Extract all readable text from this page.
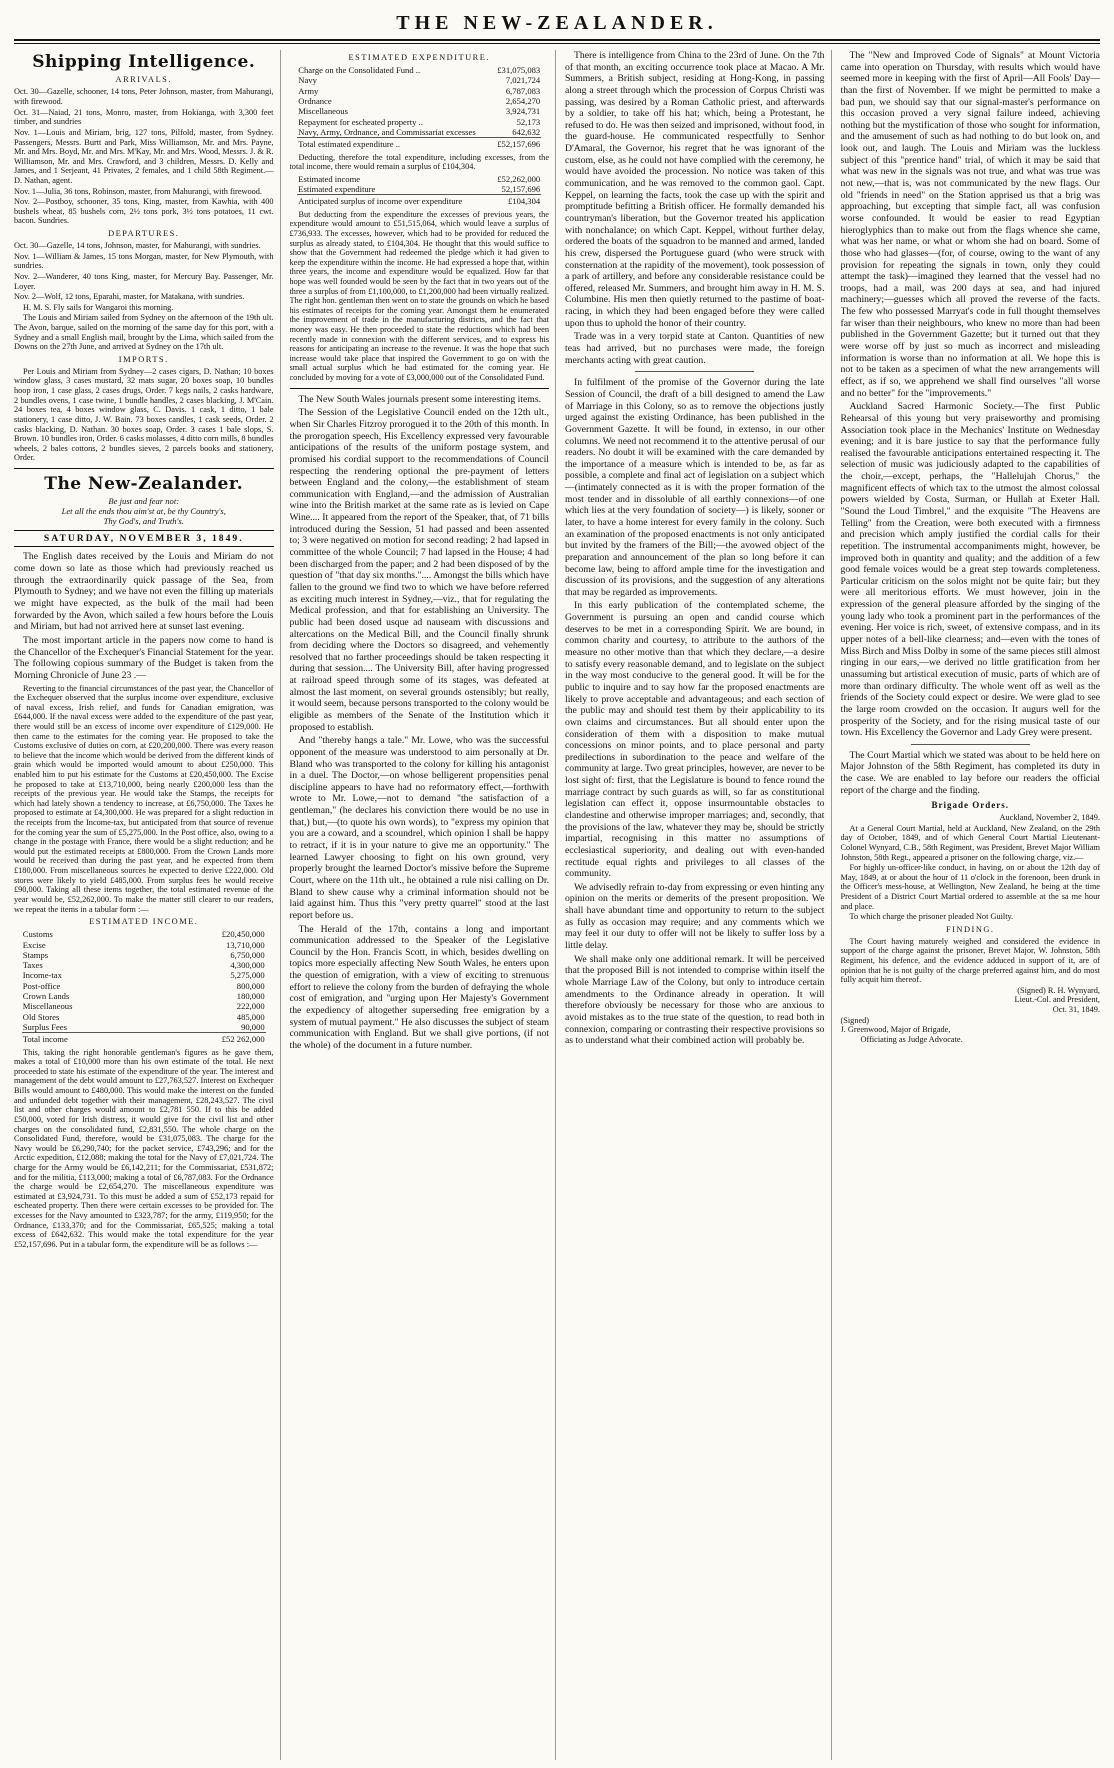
THE NEW-ZEALANDER.
Shipping Intelligence.
ARRIVALS.

Oct. 30—Gazelle, schooner, 14 tons, Peter Johnson, master, from Mahurangi, with firewood.

Oct. 31—Naiad, 21 tons, Monro, master, from Hokianga, with 3,300 feet timber, and sundries

Nov. 1—Louis and Miriam, brig, 127 tons, Pilfold, master, from Sydney. Passengers, Messrs. Burtt and Park, Miss Williamson, Mr. and Mrs. Payne, Mr. and Mrs. Boyd, Mr. and Mrs. M'Kay, Mr. and Mrs. Wood, Messrs. J. & R. Williamson, Mr. and Mrs. Crawford, and 3 children, Messrs. D. Kelly and James, and 1 Serjeant, 41 Privates, 2 females, and 1 child 58th Regiment.—D. Nathan, agent.

Nov. 1—Julia, 36 tons, Robinson, master, from Mahurangi, with firewood.

Nov. 2—Postboy, schooner, 35 tons, King, master, from Kawhia, with 400 bushels wheat, 85 bushels corn, 2½ tons pork, 3½ tons potatoes, 11 cwt. bacon. Sundries.

DEPARTURES.

Oct. 30—Gazelle, 14 tons, Johnson, master, for Mahurangi, with sundries.

Nov. 1—William & James, 15 tons Morgan, master, for New Plymouth, with sundries.

Nov. 2—Wanderer, 40 tons King, master, for Mercury Bay. Passenger, Mr. Loyer.

Nov. 2—Wolf, 12 tons, Eparahi, master, for Matakana, with sundries.

H. M. S. Fly sails for Wangaroi this morning.

The Louis and Miriam sailed from Sydney on the afternoon of the 19th ult. The Avon, barque, sailed on the morning of the same day for this port, with a Sydney and a small English mail, brought by the Lima, which sailed from the Downs on the 27th June, and arrived at Sydney on the 17th ult.

IMPORTS.

Per Louis and Miriam from Sydney—2 cases cigars, D. Nathan; 10 boxes window glass, 3 cases mustard, 32 mats sugar, 20 boxes soap, 10 bundles hoop iron, 1 case glass, 2 cases drugs, Order. 7 kegs nails, 2 casks hardware, 2 bundles ovens, 1 case twine, 1 bundle handles, 2 cases blacking, J. M'Cain. 24 boxes tea, 4 boxes window glass, C. Davis. 1 cask, 1 ditto, 1 bale stationery, 1 case ditto, J. W. Bain. 73 boxes candles, 1 cask seeds, Order. 2 casks blacking, D. Nathan. 30 boxes soap, Order. 3 cases 1 bale slops, S. Brown. 10 bundles iron, Order. 6 casks molasses, 4 ditto corn mills, 8 bundles wheels, 2 bales cottons, 2 bundles sieves, 2 parcels books and stationery, Order.

The New-Zealander.
Be just and fear not:
Let all the ends thou aim'st at, be thy Country's,
Thy God's, and Truth's.
SATURDAY, NOVEMBER 3, 1849.

The English dates received by the Louis and Miriam do not come down so late as those which had previously reached us through the extraordinarily quick passage of the Sea, from Plymouth to Sydney; and we have not even the filling up materials we might have expected, as the bulk of the mail had been forwarded by the Avon, which sailed a few hours before the Louis and Miriam, but had not arrived here at sunset last evening.

The most important article in the papers now come to hand is the Chancellor of the Exchequer's Financial Statement for the year. The following copious summary of the Budget is taken from the Morning Chronicle of June 23 .—

Reverting to the financial circumstances of the past year, the Chancellor of the Exchequer observed that the surplus income over expenditure, exclusive of naval excess, Irish relief, and funds for Canadian emigration, was £644,000. If the naval excess were added to the expenditure of the past year, there would still be an excess of income over expenditure of £129,000. He then came to the estimates for the coming year. He proposed to take the Customs exclusive of duties on corn, at £20,200,000. There was every reason to believe that the income which would be derived from the different kinds of grain which would be imported would amount to about £250,000. This enabled him to put his estimate for the Customs at £20,450,000. The Excise he proposed to take at £13,710,000, being nearly £200,000 less than the receipts of the previous year. He would take the Stamps, the receipts for which had lately shown a tendency to increase, at £6,750,000. The Taxes he proposed to estimate at £4,300,000. He was prepared for a slight reduction in the receipts from the Income-tax, but anticipated from that source of revenue for the coming year the sum of £5,275,000. In the Post office, also, owing to a change in the postage with France, there would be a slight reduction; and he would put the estimated receipts at £800,000. From the Crown Lands more would be received than during the past year, and he expected from them £180,000. From miscellaneous sources he expected to derive £222,000. Old stores were likely to yield £485,000. From surplus fees he would receive £90,000. Taking all these items together, the total estimated revenue of the year would be, £52,262,000. To make the matter still clearer to our readers, we repeat the items in a tabular form :—

ESTIMATED INCOME.
Customs	£20,450,000
Excise	13,710,000
Stamps	6,750,000
Taxes	4,300,000
Income-tax	5,275,000
Post-office	800,000
Crown Lands	180,000
Miscellaneous	222,000
Old Stores	485,000
Surplus Fees	90,000
Total income	£52 262,000

This, taking the right honorable gentleman's figures as he gave them, makes a total of £10,000 more than his own estimate of the total. He next proceeded to state his estimate of the expenditure of the year. The interest and management of the debt would amount to £27,763,527. Interest on Exchequer Bills would amount to £480,000. This would make the interest on the funded and unfunded debt together with their management, £28,243,527. The civil list and other charges would amount to £2,781 550. If to this be added £50,000, voted for Irish distress, it would give for the civil list and other charges on the consolidated fund, £2,831,550. The whole charge on the Consolidated Fund, therefore, would be £31,075,083. The charge for the Navy would be £6,290,740; for the packet service, £743,296; and for the Arctic expedition, £12,088; making the total for the Navy of £7,021,724. The charge for the Army would be £6,142,211; for the Commissariat, £531,872; and for the militia, £113,000; making a total of £6,787,083. For the Ordnance the charge would be £2,654,270. The miscellaneous expenditure was estimated at £3,924,731. To this must be added a sum of £52,173 repaid for escheated property. Then there were certain excesses to be provided for. The excesses for the Navy amounted to £323,787; for the army, £119,950; for the Ordnance, £133,370; and for the Commissariat, £65,525; making a total excess of £642,632. This would make the total expenditure for the year £52,157,696. Put in a tabular form, the expenditure will be as follows :—

ESTIMATED EXPENDITURE.
Charge on the Consolidated Fund ..	£31,075,083
Navy	7,021,724
Army	6,787,083
Ordnance	2,654,270
Miscellaneous	3,924,731
Repayment for escheated property ..	52,173
Navy, Army, Ordnance, and Commissariat excesses	642,632
Total estimated expenditure ..	£52,157,696

Deducting, therefore the total expenditure, including excesses, from the total income, there would remain a surplus of £104,304.

Estimated income	£52,262,000
Estimated expenditure	52,157,696
Anticipated surplus of income over expenditure	£104,304

But deducting from the expenditure the excesses of previous years, the expenditure would amount to £51,515,064, which would leave a surplus of £736,933. The excesses, however, which had to be provided for reduced the surplus as already stated, to £104,304. He thought that this would suffice to show that the Government had redeemed the pledge which it had given to keep the expenditure within the income. He had expressed a hope that, within three years, the income and expenditure would be equalized. How far that hope was well founded would be seen by the fact that in two years out of the three a surplus of from £1,100,000, to £1,200,000 had been virtually realized. The right hon. gentleman then went on to state the grounds on which he based his estimates of receipts for the coming year. Amongst them he enumerated the improvement of trade in the manufacturing districts, and the fact that money was easy. He then proceeded to state the reductions which had been recently made in connexion with the different services, and to express his reasons for anticipating an increase to the revenue. It was the hope that such increase would take place that inspired the Government to go on with the small actual surplus which he had estimated for the coming year. He concluded by moving for a vote of £3,000,000 out of the Consolidated Fund.

The New South Wales journals present some interesting items.

The Session of the Legislative Council ended on the 12th ult., when Sir Charles Fitzroy prorogued it to the 20th of this month. In the prorogation speech, His Excellency expressed very favourable anticipations of the results of the uniform postage system, and promised his cordial support to the recommendations of Council respecting the rendering optional the pre-payment of letters between England and the colony,—the establishment of steam communication with England,—and the admission of Australian wine into the British market at the same rate as is levied on Cape Wine.... It appeared from the report of the Speaker, that, of 71 bills introduced during the Session, 51 had passed and been assented to; 3 were negatived on motion for second reading; 2 had lapsed in committee of the whole Council; 7 had lapsed in the House; 4 had been discharged from the paper; and 2 had been disposed of by the question of "that day six months.".... Amongst the bills which have fallen to the ground we find two to which we have before referred as exciting much interest in Sydney,—viz., that for regulating the Medical profession, and that for establishing an University. The public had been dosed usque ad nauseam with discussions and altercations on the Medical Bill, and the Council finally shrunk from deciding where the Doctors so disagreed, and vehemently resolved that no farther proceedings should be taken respecting it during that session.... The University Bill, after having progressed at railroad speed through some of its stages, was defeated at almost the last moment, on several grounds ostensibly; but really, it would seem, because persons transported to the colony would be eligible as members of the Senate of the Institution which it proposed to establish.

And "thereby hangs a tale." Mr. Lowe, who was the successful opponent of the measure was understood to aim personally at Dr. Bland who was transported to the colony for killing his antagonist in a duel. The Doctor,—on whose belligerent propensities penal discipline appears to have had no reformatory effect,—forthwith wrote to Mr. Lowe,—not to demand "the satisfaction of a gentleman," (he declares his conviction there would be no use in that,) but,—(to quote his own words), to "express my opinion that you are a coward, and a scoundrel, which opinion I shall be happy to retract, if it is in your nature to give me an opportunity." The learned Lawyer choosing to fight on his own ground, very properly brought the learned Doctor's missive before the Supreme Court, where on the 11th ult., he obtained a rule nisi calling on Dr. Bland to shew cause why a criminal information should not be laid against him. Thus this "very pretty quarrel" stood at the last report before us.

The Herald of the 17th, contains a long and important communication addressed to the Speaker of the Legislative Council by the Hon. Francis Scott, in which, besides dwelling on topics more especially affecting New South Wales, he enters upon the question of emigration, with a view of exciting to strenuous effort to relieve the colony from the burden of defraying the whole cost of emigration, and "urging upon Her Majesty's Government the expediency of altogether superseding free emigration by a system of mutual payment." He also discusses the subject of steam communication with England. But we shall give portions, (if not the whole) of the document in a future number.

There is intelligence from China to the 23rd of June. On the 7th of that month, an exciting occurrence took place at Macao. A Mr. Summers, a British subject, residing at Hong-Kong, in passing along a street through which the procession of Corpus Christi was passing, was desired by a Roman Catholic priest, and afterwards by a soldier, to take off his hat; which, being a Protestant, he refused to do. He was then seized and imprisoned, without food, in the guard-house. He communicated respectfully to Senhor D'Amaral, the Governor, his regret that he was ignorant of the custom, else, as he could not have complied with the ceremony, he would have avoided the procession. No notice was taken of this communication, and he was removed to the common gaol. Capt. Keppel, on learning the facts, took the case up with the spirit and promptitude befitting a British officer. He formally demanded his countryman's liberation, but the Governor treated his application with nonchalance; on which Capt. Keppel, without further delay, ordered the boats of the squadron to be manned and armed, landed his crew, dispersed the Portuguese guard (who were struck with consternation at the rapidity of the movement), took possession of a park of artillery, and before any considerable resistance could be offered, released Mr. Summers, and brought him away in H. M. S. Columbine. His men then quietly returned to the pastime of boat-racing, in which they had been engaged before they were called upon thus to uphold the honor of their country.

Trade was in a very torpid state at Canton. Quantities of new teas had arrived, but no purchases were made, the foreign merchants acting with great caution.

In fulfilment of the promise of the Governor during the late Session of Council, the draft of a bill designed to amend the Law of Marriage in this Colony, so as to remove the objections justly urged against the existing Ordinance, has been published in the Government Gazette. It will be found, in extenso, in our other columns. We need not recommend it to the attentive perusal of our readers. No doubt it will be examined with the care demanded by the importance of a measure which is intended to be, as far as possible, a complete and final act of legislation on a subject which—(intimately connected as it is with the proper formation of the most tender and in dissoluble of all earthly connexions—of one which lies at the very foundation of society—) is likely, sooner or later, to have a home interest for every family in the colony. Such an examination of the proposed enactments is not only anticipated but invited by the framers of the Bill;—the avowed object of the preparation and announcement of the plan so long before it can become law, being to afford ample time for the investigation and discussion of its provisions, and the suggestion of any alterations that may be regarded as improvements.

In this early publication of the contemplated scheme, the Government is pursuing an open and candid course which deserves to be met in a corresponding Spirit. We are bound, in common charity and courtesy, to attribute to the authors of the measure no other motive than that which they declare,—a desire to satisfy every reasonable demand, and to legislate on the subject in the way most conducive to the general good. It will be for the public to inquire and to say how far the proposed enactments are likely to prove acceptable and advantageous; and each section of the public may and should test them by their applicability to its own claims and circumstances. But all should enter upon the consideration of them with a disposition to make mutual concessions on minor points, and to place personal and party predilections in subordination to the peace and welfare of the community at large. Two great principles, however, are never to be lost sight of: first, that the Legislature is bound to fence round the marriage contract by such guards as will, so far as constitutional legislation can effect it, oppose insurmountable obstacles to clandestine and otherwise improper marriages; and, secondly, that the provisions of the law, whatever they may be, should be strictly impartial, recognising in this matter no assumptions of ecclesiastical superiority, and dealing out with even-handed rectitude equal rights and privileges to all classes of the community.

We advisedly refrain to-day from expressing or even hinting any opinion on the merits or demerits of the present proposition. We shall have abundant time and opportunity to return to the subject as fully as occasion may require; and any comments which we may feel it our duty to offer will not be likely to suffer loss by a little delay.

We shall make only one additional remark. It will be perceived that the proposed Bill is not intended to comprise within itself the whole Marriage Law of the Colony, but only to introduce certain amendments to the Ordinance already in operation. It will therefore obviously be necessary for those who are anxious to avoid mistakes as to the true state of the question, to read both in connexion, comparing or contrasting their respective provisions so as to understand what their combined action will probably be.

The "New and Improved Code of Signals" at Mount Victoria came into operation on Thursday, with results which would have seemed more in keeping with the first of April—All Fools' Day—than the first of November. If we might be permitted to make a bad pun, we should say that our signal-master's performance on this occasion proved a very signal failure indeed, achieving nothing but the mystification of those who sought for information, and the amusement of such as had nothing to do but look on, and look out, and laugh. The Louis and Miriam was the luckless subject of this "prentice hand" trial, of which it may be said that what was new in the signals was not true, and what was true was not new,—that is, was not communicated by the new flags. Our old "friends in need" on the Station apprised us that a brig was approaching, but excepting that simple fact, all was confusion worse confounded. It would be easier to read Egyptian hieroglyphics than to make out from the flags whence she came, what was her name, or what or whom she had on board. Some of those who had glasses—(for, of course, owing to the want of any provision for repeating the signals in town, only they could attempt the task)—imagined they learned that the vessel had no troops, had a mail, was 200 days at sea, and had injured machinery;—guesses which all proved the reverse of the facts. The few who possessed Marryat's code in full thought themselves far wiser than their neighbours, who knew no more than had been published in the Government Gazette; but it turned out that they were worse off by just so much as incorrect and misleading information is worse than no information at all. We hope this is not to be taken as a specimen of what the new arrangements will effect, as if so, we apprehend we shall find ourselves "all worse and no better" for the "improvements."

Auckland Sacred Harmonic Society.—The first Public Rehearsal of this young but very praiseworthy and promising Association took place in the Mechanics' Institute on Wednesday evening; and it is bare justice to say that the performance fully realised the favourable anticipations entertained respecting it. The selection of music was judiciously adapted to the capabilities of the choir,—except, perhaps, the "Hallelujah Chorus," the magnificent effects of which tax to the utmost the almost colossal powers wielded by Costa, Surman, or Hullah at Exeter Hall. "Sound the Loud Timbrel," and the exquisite "The Heavens are Telling" from the Creation, were both executed with a firmness and precision which amply justified the cordial calls for their repetition. The instrumental accompaniments might, however, be improved both in quantity and quality; and the addition of a few good female voices would be a great step towards completeness. Particular criticism on the solos might not be quite fair; but they were all meritorious efforts. We must however, join in the expression of the general pleasure afforded by the singing of the young lady who took a prominent part in the performances of the evening. Her voice is rich, sweet, of extensive compass, and in its upper notes of a bell-like clearness; and—even with the tones of Miss Birch and Miss Dolby in some of the same pieces still almost ringing in our ears,—we derived no little gratification from her unassuming but artistical execution of music, parts of which are of more than ordinary difficulty. The whole went off as well as the friends of the Society could expect or desire. We were glad to see the large room crowded on the occasion. It augurs well for the prosperity of the Society, and for the rising musical taste of our town. His Excellency the Governor and Lady Grey were present.

The Court Martial which we stated was about to be held here on Major Johnston of the 58th Regiment, has completed its duty in the case. We are enabled to lay before our readers the official report of the charge and the finding.

Brigade Orders.
Auckland, November 2, 1849.

At a General Court Martial, held at Auckland, New Zealand, on the 29th day of October, 1849, and of which General Court Martial Lieutenant-Colonel Wynyard, C.B., 58th Regiment, was President, Brevet Major William Johnston, 58th Regt., appeared a prisoner on the following charge, viz.—

For highly un-officer-like conduct, in having, on or about the 12th day of May, 1849, at or about the hour of 11 o'clock in the forenoon, been drunk in the Officer's mess-house, at Wellington, New Zealand, he being at the time President of a District Court Martial ordered to assemble at the sa me hour and place.

To which charge the prisoner pleaded Not Guilty.

FINDING.

The Court having maturely weighed and considered the evidence in support of the charge against the prisoner, Brevet Major, W. Johnston, 58th Regiment, his defence, and the evidence adduced in support of it, are of opinion that he is not guilty of the charge preferred against him, and do most fully acquit him thereof.

(Signed) R. H. Wynyard,
Lieut.-Col. and President,
Oct. 31, 1849.
(Signed)
J. Greenwood, Major of Brigade,
Officiating as Judge Advocate.
